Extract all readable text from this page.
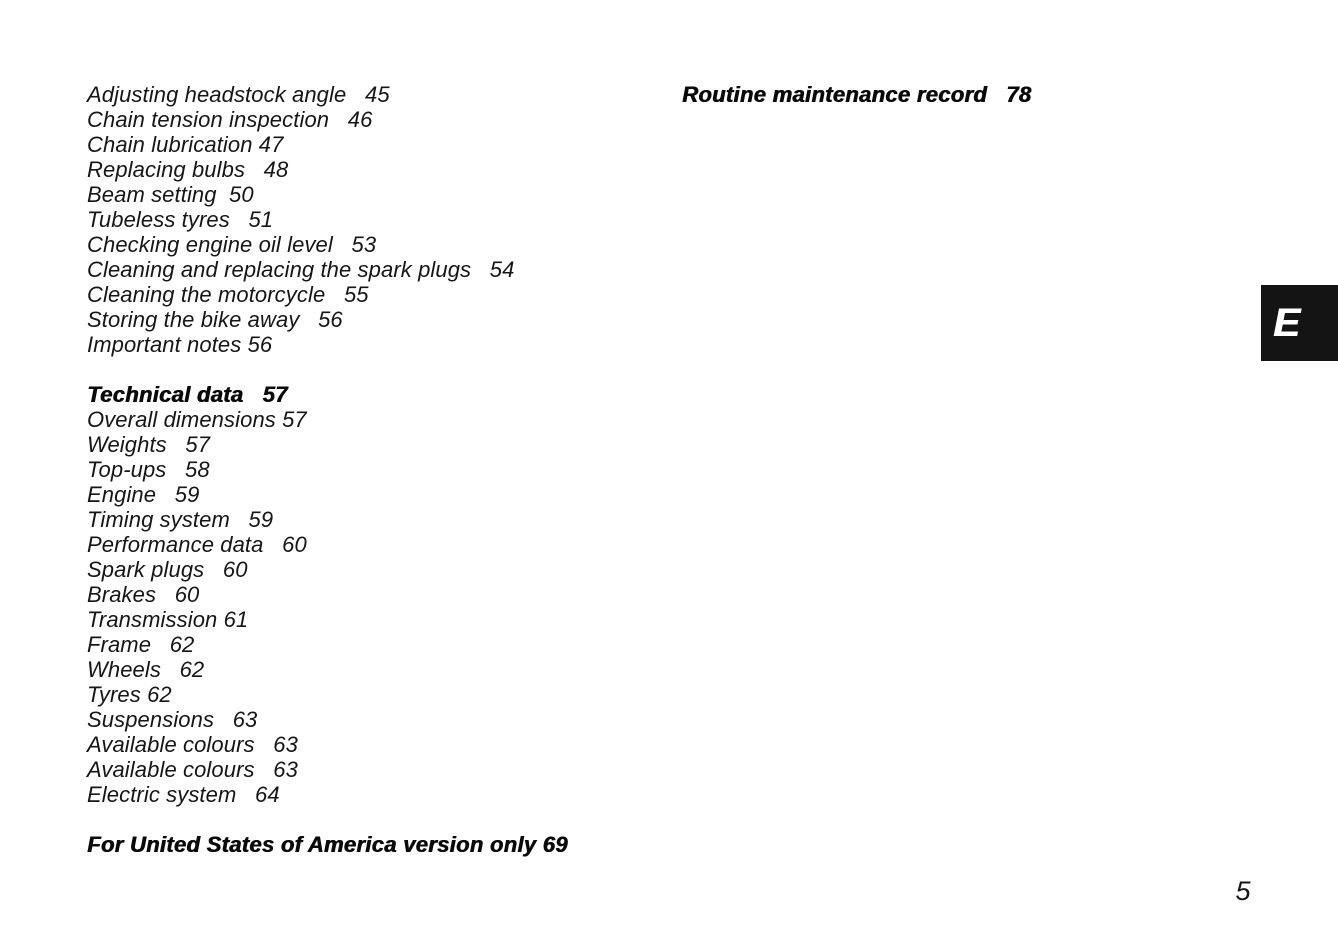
Adjusting headstock angle   45
Chain tension inspection   46
Chain lubrication 47
Replacing bulbs   48
Beam setting  50
Tubeless tyres   51
Checking engine oil level   53
Cleaning and replacing the spark plugs   54
Cleaning the motorcycle   55
Storing the bike away   56
Important notes 56
Technical data   57
Overall dimensions 57
Weights   57
Top-ups   58
Engine   59
Timing system   59
Performance data   60
Spark plugs   60
Brakes   60
Transmission 61
Frame   62
Wheels   62
Tyres 62
Suspensions   63
Available colours   63
Available colours   63
Electric system   64
For United States of America version only 69
Routine maintenance record   78
E
5
